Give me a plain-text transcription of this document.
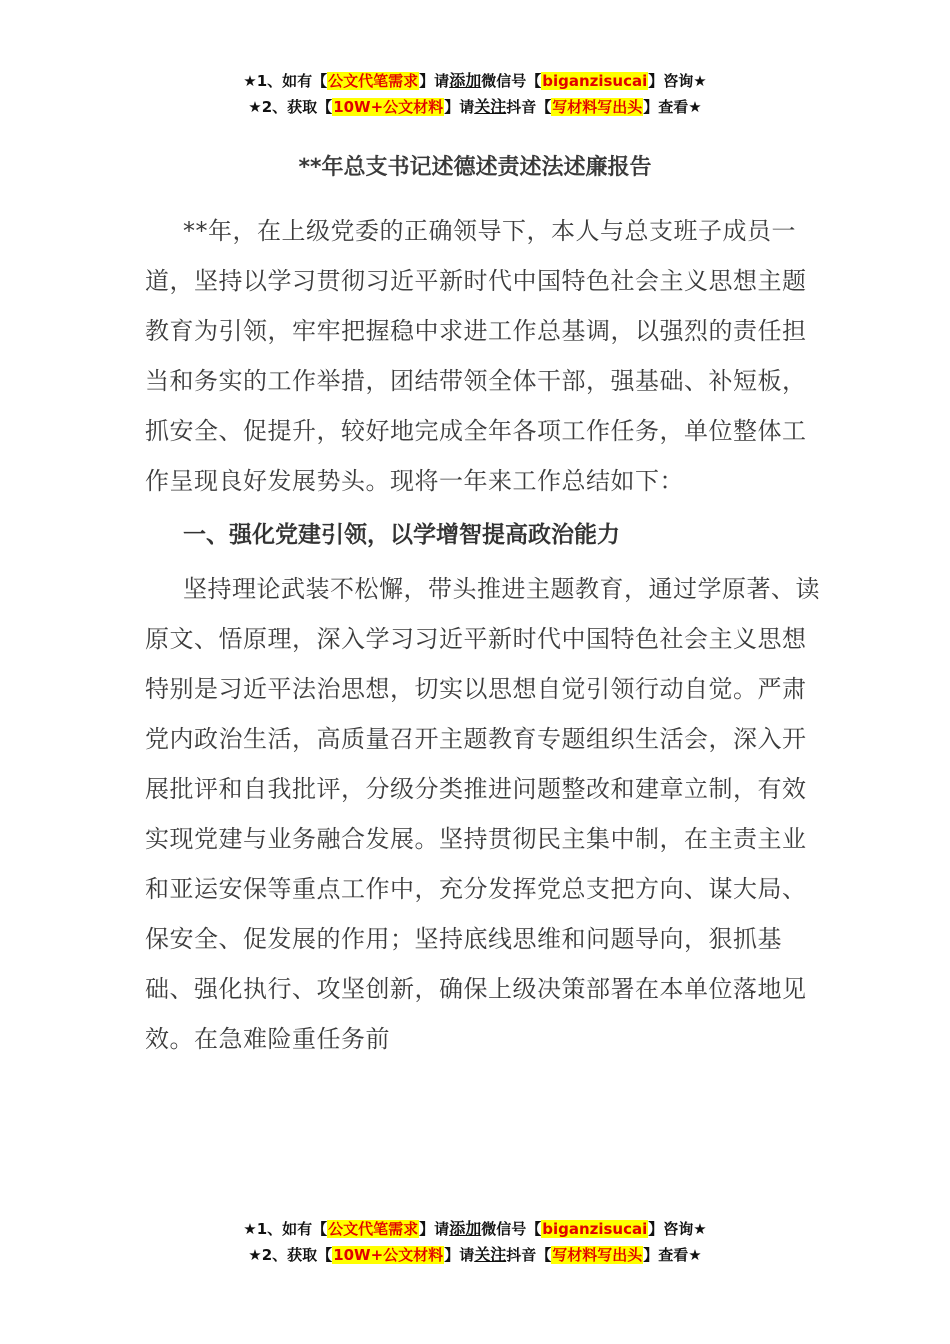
★1、如有【公文代笔需求】请添加微信号【biganzisucai】咨询★
★2、获取【10W+公文材料】请关注抖音【写材料写出头】查看★
**年总支书记述德述责述法述廉报告

**年，在上级党委的正确领导下，本人与总支班子成员一道，坚持以学习贯彻习近平新时代中国特色社会主义思想主题教育为引领，牢牢把握稳中求进工作总基调，以强烈的责任担当和务实的工作举措，团结带领全体干部，强基础、补短板，抓安全、促提升，较好地完成全年各项工作任务，单位整体工作呈现良好发展势头。现将一年来工作总结如下：

一、强化党建引领，以学增智提高政治能力

坚持理论武装不松懈，带头推进主题教育，通过学原著、读原文、悟原理，深入学习习近平新时代中国特色社会主义思想特别是习近平法治思想，切实以思想自觉引领行动自觉。严肃党内政治生活，高质量召开主题教育专题组织生活会，深入开展批评和自我批评，分级分类推进问题整改和建章立制，有效实现党建与业务融合发展。坚持贯彻民主集中制，在主责主业和亚运安保等重点工作中，充分发挥党总支把方向、谋大局、保安全、促发展的作用；坚持底线思维和问题导向，狠抓基础、强化执行、攻坚创新，确保上级决策部署在本单位落地见效。在急难险重任务前

★1、如有【公文代笔需求】请添加微信号【biganzisucai】咨询★
★2、获取【10W+公文材料】请关注抖音【写材料写出头】查看★
